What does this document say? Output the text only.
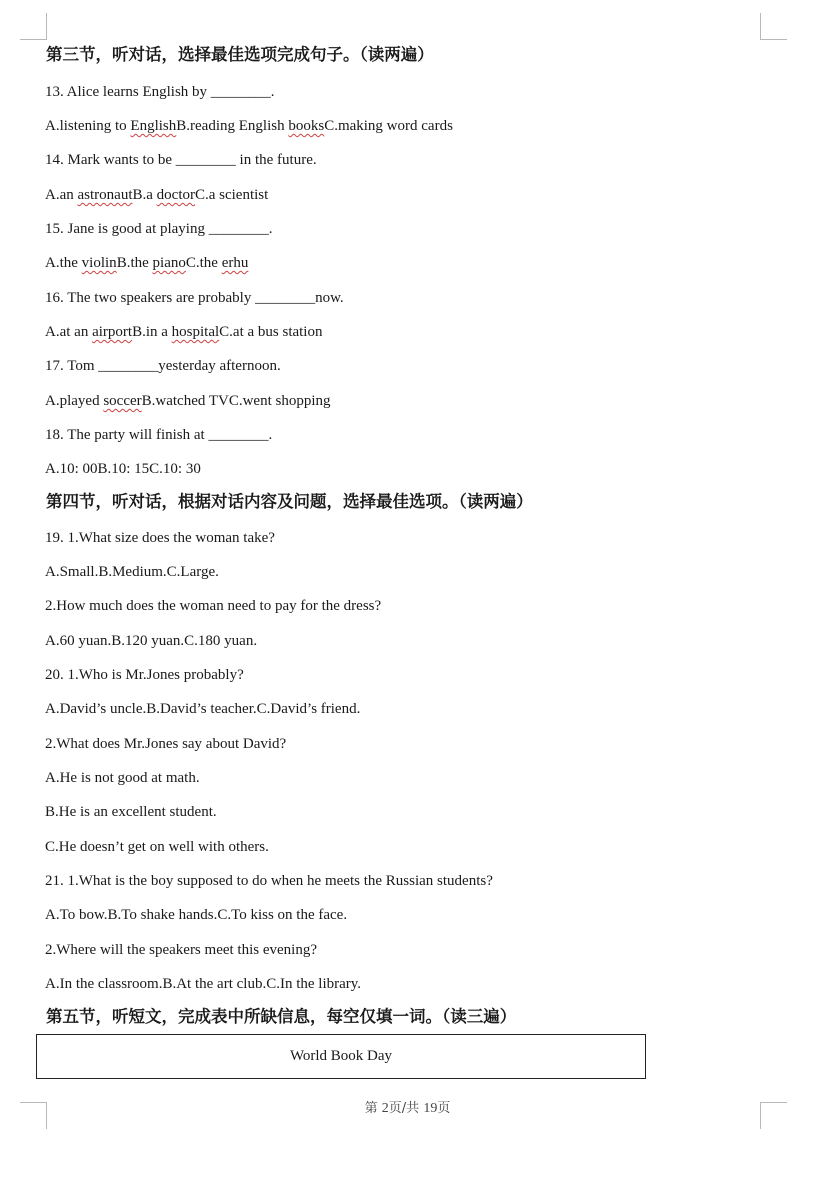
第三节，听对话，选择最佳选项完成句子。（读两遍）
13. Alice learns English by ________.
A.listening to EnglishB.reading English booksC.making word cards
14. Mark wants to be ________ in the future.
A.an astronautB.a doctorC.a scientist
15. Jane is good at playing ________.
A.the violinB.the pianoC.the erhu
16. The two speakers are probably ________now.
A.at an airportB.in a hospitalC.at a bus station
17. Tom ________yesterday afternoon.
A.played soccerB.watched TVC.went shopping
18. The party will finish at ________.
A.10: 00B.10: 15C.10: 30
第四节，听对话，根据对话内容及问题，选择最佳选项。（读两遍）
19. 1.What size does the woman take?
A.Small.B.Medium.C.Large.
2.How much does the woman need to pay for the dress?
A.60 yuan.B.120 yuan.C.180 yuan.
20. 1.Who is Mr.Jones probably?
A.David’s uncle.B.David’s teacher.C.David’s friend.
2.What does Mr.Jones say about David?
A.He is not good at math.
B.He is an excellent student.
C.He doesn’t get on well with others.
21. 1.What is the boy supposed to do when he meets the Russian students?
A.To bow.B.To shake hands.C.To kiss on the face.
2.Where will the speakers meet this evening?
A.In the classroom.B.At the art club.C.In the library.
第五节，听短文，完成表中所缺信息，每空仅填一词。（读三遍）
World Book Day
第 2页/共 19页
